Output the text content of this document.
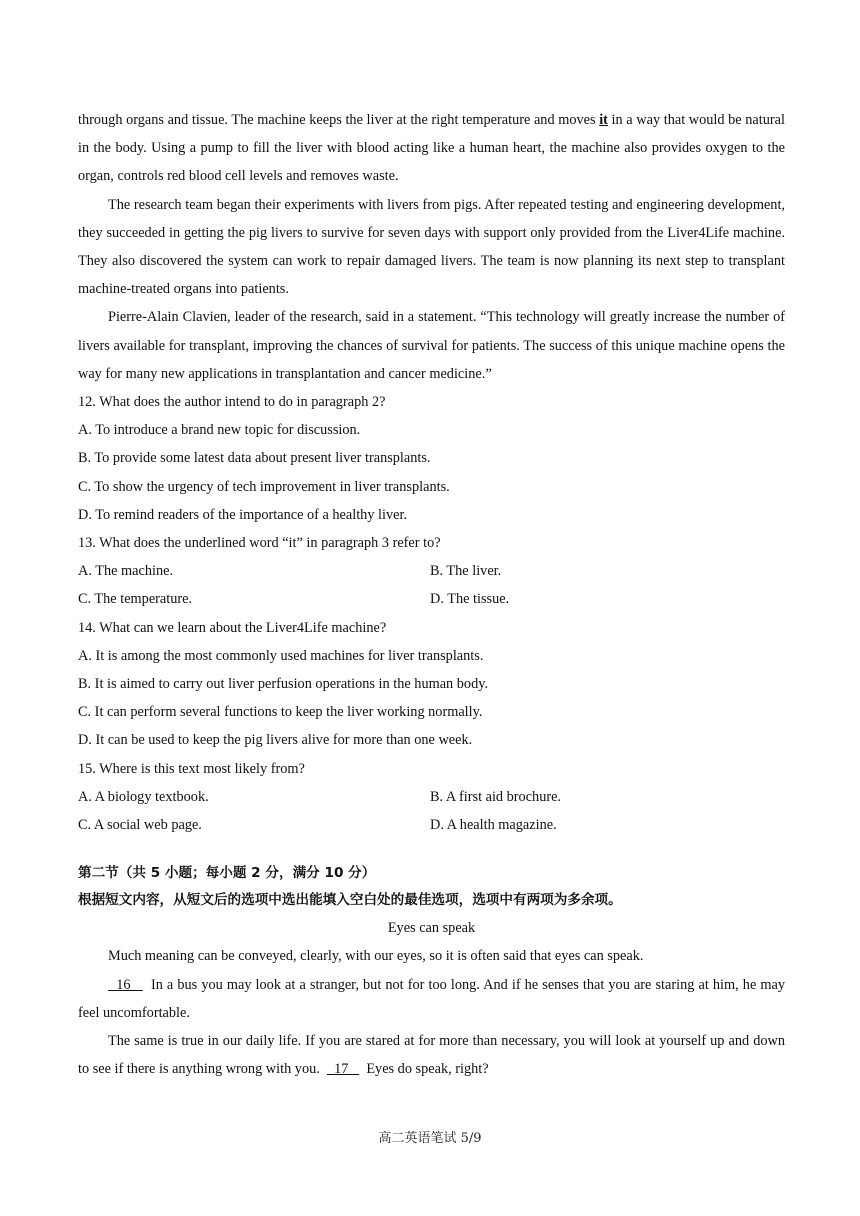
through organs and tissue. The machine keeps the liver at the right temperature and moves it in a way that would be natural in the body. Using a pump to fill the liver with blood acting like a human heart, the machine also provides oxygen to the organ, controls red blood cell levels and removes waste.

The research team began their experiments with livers from pigs. After repeated testing and engineering development, they succeeded in getting the pig livers to survive for seven days with support only provided from the Liver4Life machine. They also discovered the system can work to repair damaged livers. The team is now planning its next step to transplant machine-treated organs into patients.

Pierre-Alain Clavien, leader of the research, said in a statement. “This technology will greatly increase the number of livers available for transplant, improving the chances of survival for patients. The success of this unique machine opens the way for many new applications in transplantation and cancer medicine.”

12. What does the author intend to do in paragraph 2?

A. To introduce a brand new topic for discussion.

B. To provide some latest data about present liver transplants.

C. To show the urgency of tech improvement in liver transplants.

D. To remind readers of the importance of a healthy liver.

13. What does the underlined word “it” in paragraph 3 refer to?

A. The machine.	B. The liver.
C. The temperature.	D. The tissue.

14. What can we learn about the Liver4Life machine?

A. It is among the most commonly used machines for liver transplants.

B. It is aimed to carry out liver perfusion operations in the human body.

C. It can perform several functions to keep the liver working normally.

D. It can be used to keep the pig livers alive for more than one week.

15. Where is this text most likely from?

A. A biology textbook.	B. A first aid brochure.
C. A social web page.	D. A health magazine.

第二节（共 5 小题；每小题 2 分，满分 10 分）

根据短文内容，从短文后的选项中选出能填入空白处的最佳选项，选项中有两项为多余项。

Eyes can speak

Much meaning can be conveyed, clearly, with our eyes, so it is often said that eyes can speak.

16 In a bus you may look at a stranger, but not for too long. And if he senses that you are staring at him, he may feel uncomfortable.

The same is true in our daily life. If you are stared at for more than necessary, you will look at yourself up and down to see if there is anything wrong with you. 17 Eyes do speak, right?

高二英语笔试 5/9
